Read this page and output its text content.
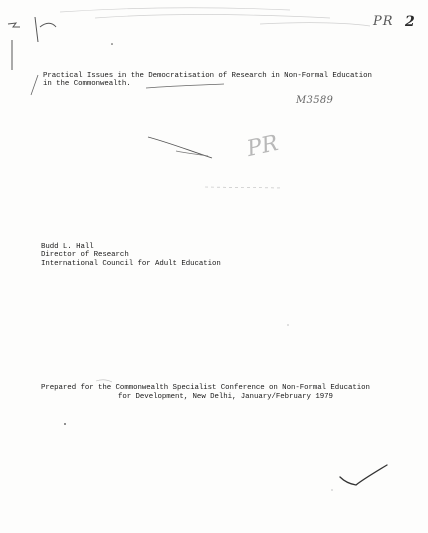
PR 2
M3589
PR
Practical Issues in the Democratisation of Research in Non-Formal Education
in the Commonwealth.
Budd L. Hall
Director of Research
International Council for Adult Education
Prepared for the Commonwealth Specialist Conference on Non-Formal Education
for Development, New Delhi, January/February 1979
